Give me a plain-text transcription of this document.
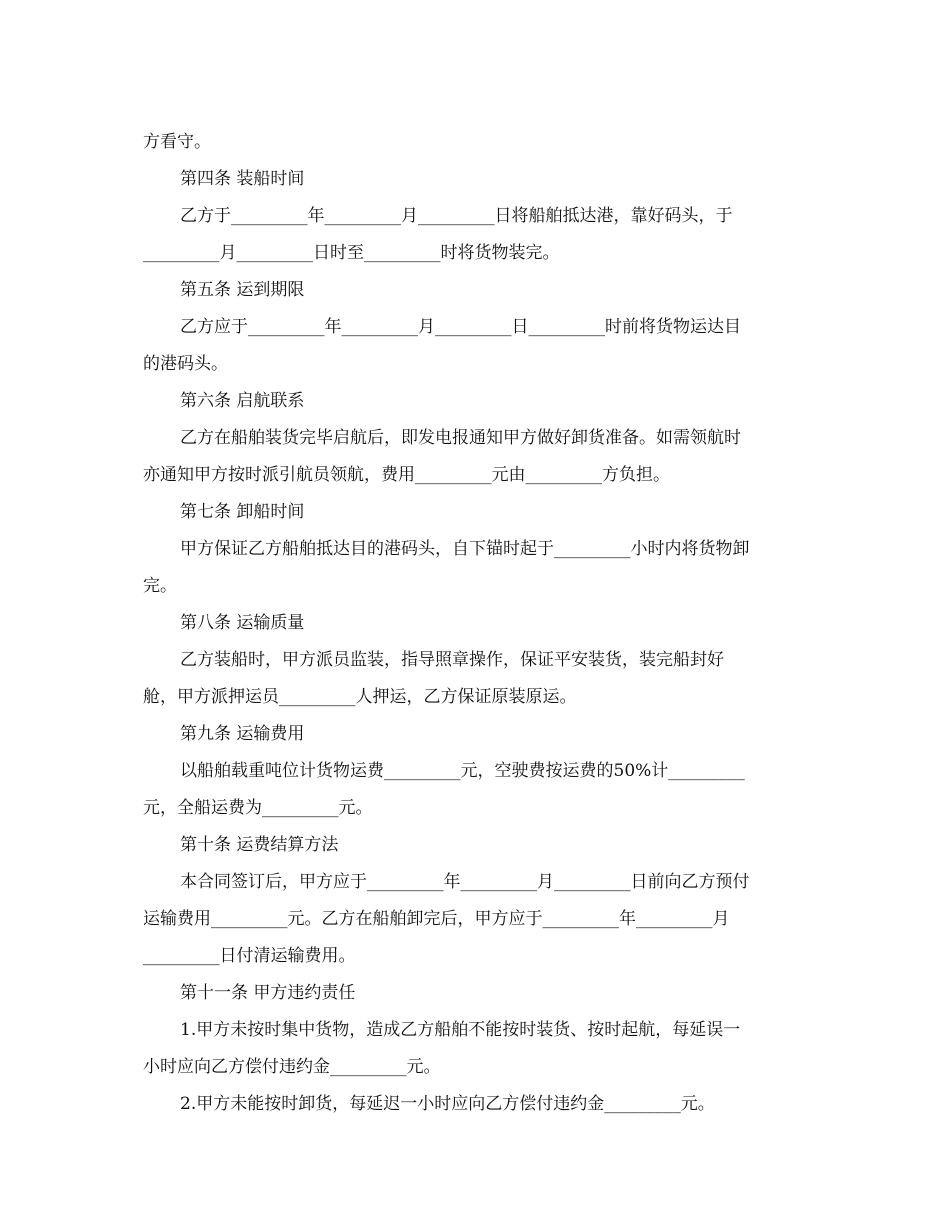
方看守。
第四条 装船时间
乙方于_________年_________月_________日将船舶抵达港，靠好码头，于
_________月_________日时至_________时将货物装完。
第五条 运到期限
乙方应于_________年_________月_________日_________时前将货物运达目
的港码头。
第六条 启航联系
乙方在船舶装货完毕启航后，即发电报通知甲方做好卸货准备。如需领航时
亦通知甲方按时派引航员领航，费用_________元由_________方负担。
第七条 卸船时间
甲方保证乙方船舶抵达目的港码头，自下锚时起于_________小时内将货物卸
完。
第八条 运输质量
乙方装船时，甲方派员监装，指导照章操作，保证平安装货，装完船封好
舱，甲方派押运员_________人押运，乙方保证原装原运。
第九条 运输费用
以船舶载重吨位计货物运费_________元，空驶费按运费的50%计_________
元，全船运费为_________元。
第十条 运费结算方法
本合同签订后，甲方应于_________年_________月_________日前向乙方预付
运输费用_________元。乙方在船舶卸完后，甲方应于_________年_________月
_________日付清运输费用。
第十一条 甲方违约责任
1.甲方未按时集中货物，造成乙方船舶不能按时装货、按时起航，每延误一
小时应向乙方偿付违约金_________元。
2.甲方未能按时卸货，每延迟一小时应向乙方偿付违约金_________元。
